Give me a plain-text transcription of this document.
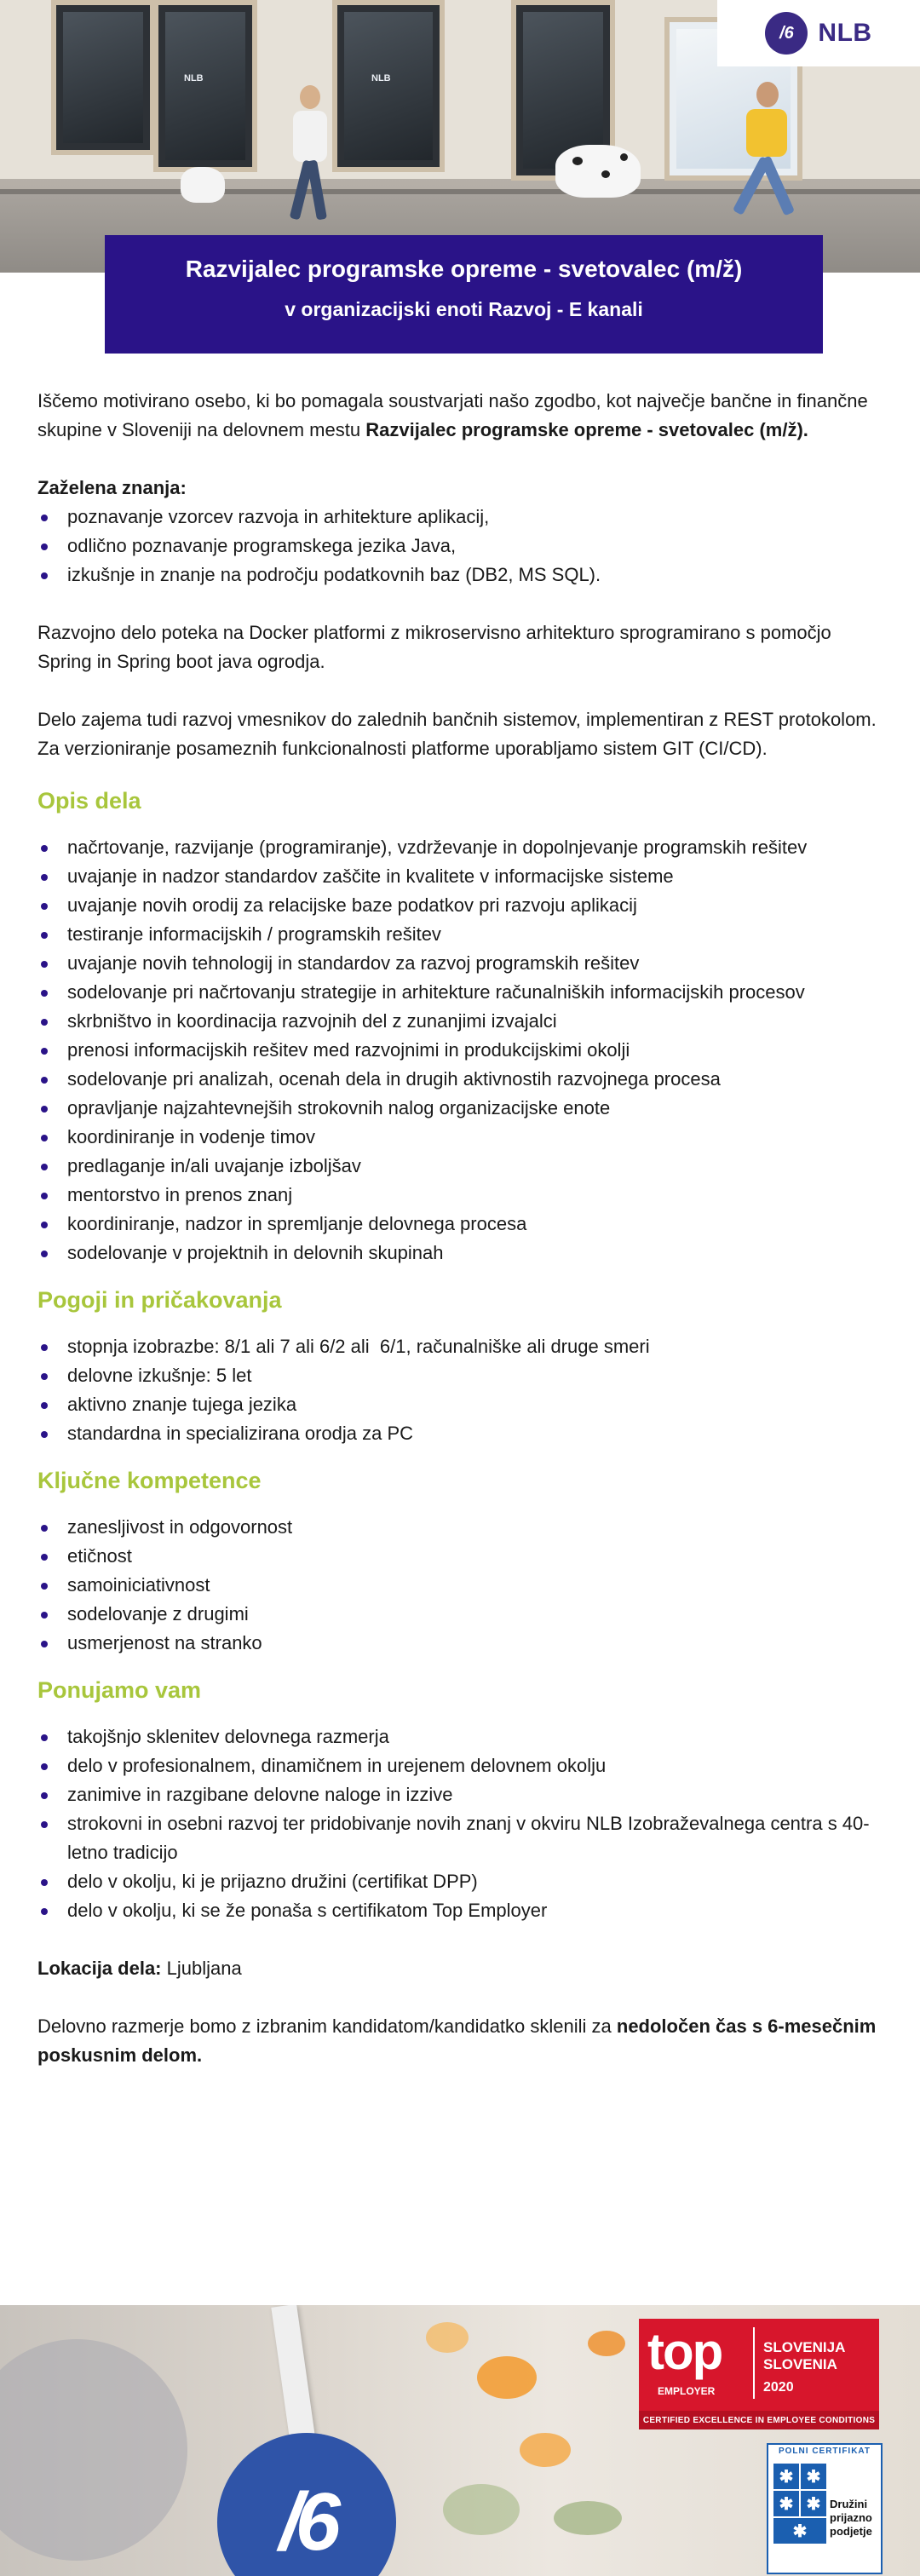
NLB	NLB
/6 NLB
Razvijalec programske opreme - svetovalec (m/ž)
v organizacijski enoti Razvoj - E kanali

Iščemo motivirano osebo, ki bo pomagala soustvarjati našo zgodbo, kot največje bančne in finančne skupine v Sloveniji na delovnem mestu Razvijalec programske opreme - svetovalec (m/ž).

Zaželena znanja:

poznavanje vzorcev razvoja in arhitekture aplikacij,
odlično poznavanje programskega jezika Java,
izkušnje in znanje na področju podatkovnih baz (DB2, MS SQL).

Razvojno delo poteka na Docker platformi z mikroservisno arhitekturo sprogramirano s pomočjo Spring in Spring boot java ogrodja.

Delo zajema tudi razvoj vmesnikov do zalednih bančnih sistemov, implementiran z REST protokolom. Za verzioniranje posameznih funkcionalnosti platforme uporabljamo sistem GIT (CI/CD).

Opis dela
načrtovanje, razvijanje (programiranje), vzdrževanje in dopolnjevanje programskih rešitev
uvajanje in nadzor standardov zaščite in kvalitete v informacijske sisteme
uvajanje novih orodij za relacijske baze podatkov pri razvoju aplikacij
testiranje informacijskih / programskih rešitev
uvajanje novih tehnologij in standardov za razvoj programskih rešitev
sodelovanje pri načrtovanju strategije in arhitekture računalniških informacijskih procesov
skrbništvo in koordinacija razvojnih del z zunanjimi izvajalci
prenosi informacijskih rešitev med razvojnimi in produkcijskimi okolji
sodelovanje pri analizah, ocenah dela in drugih aktivnostih razvojnega procesa
opravljanje najzahtevnejših strokovnih nalog organizacijske enote
koordiniranje in vodenje timov
predlaganje in/ali uvajanje izboljšav
mentorstvo in prenos znanj
koordiniranje, nadzor in spremljanje delovnega procesa
sodelovanje v projektnih in delovnih skupinah
Pogoji in pričakovanja
stopnja izobrazbe: 8/1 ali 7 ali 6/2 ali  6/1, računalniške ali druge smeri
delovne izkušnje: 5 let
aktivno znanje tujega jezika
standardna in specializirana orodja za PC
Ključne kompetence
zanesljivost in odgovornost
etičnost
samoiniciativnost
sodelovanje z drugimi
usmerjenost na stranko
Ponujamo vam
takojšnjo sklenitev delovnega razmerja
delo v profesionalnem, dinamičnem in urejenem delovnem okolju
zanimive in razgibane delovne naloge in izzive
strokovni in osebni razvoj ter pridobivanje novih znanj v okviru NLB Izobraževalnega centra s 40-letno tradicijo
delo v okolju, ki je prijazno družini (certifikat DPP)
delo v okolju, ki se že ponaša s certifikatom Top Employer

Lokacija dela: Ljubljana

Delovno razmerje bomo z izbranim kandidatom/kandidatko sklenili za nedoločen čas s 6-mesečnim poskusnim delom.

/6
top
EMPLOYER
SLOVENIJA
SLOVENIA
2020
CERTIFIED EXCELLENCE IN EMPLOYEE CONDITIONS
POLNI CERTIFIKAT
✱ ✱
✱ ✱
✱
Družini
prijazno
podjetje
